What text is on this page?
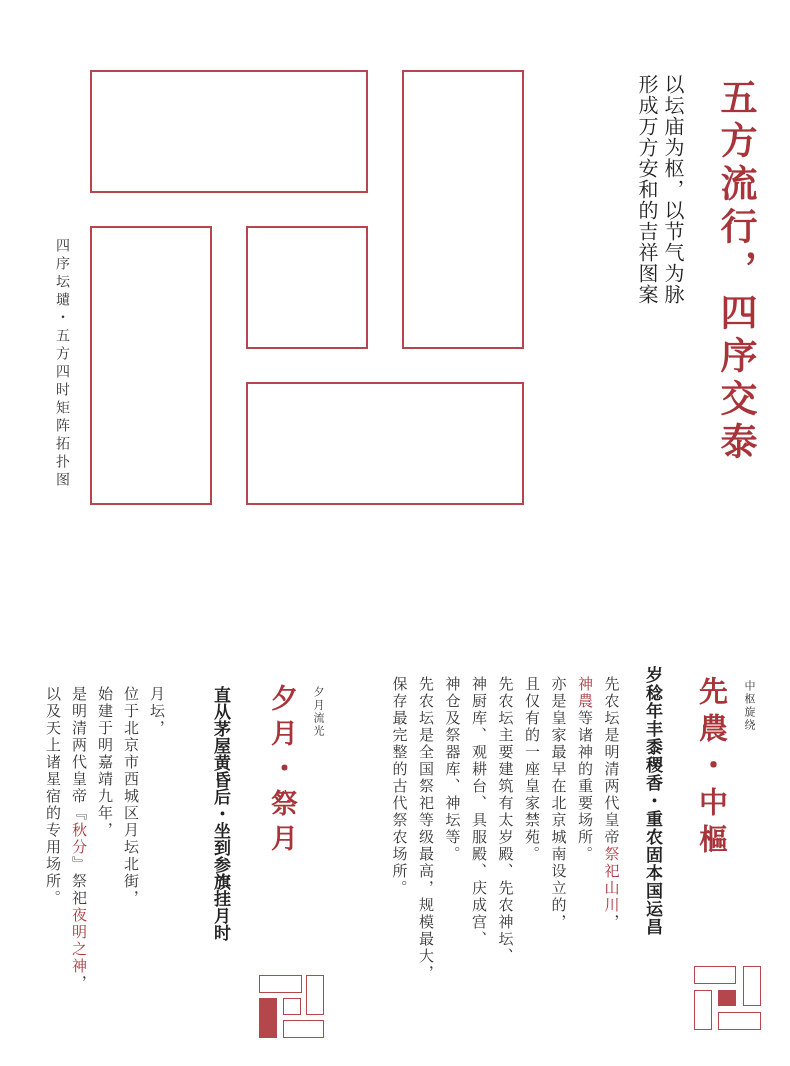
五方流行，四序交泰
以坛庙为枢，以节气为脉
形成万方安和的吉祥图案
四序坛壝・五方四时矩阵拓扑图
中枢旋绕
先農・中樞
岁稔年丰黍稷香・重农固本国运昌
先农坛是明清两代皇帝祭祀山川，
神農等诸神的重要场所。
亦是皇家最早在北京城南设立的，
且仅有的一座皇家禁苑。
先农坛主要建筑有太岁殿、先农神坛、
神厨库、观耕台、具服殿、庆成宫、
神仓及祭器库、神坛等。
先农坛是全国祭祀等级最高，规模最大，
保存最完整的古代祭农场所。
夕月流光
夕月・祭月
直从茅屋黄昏后・坐到参旗挂月时
月坛，
位于北京市西城区月坛北街，
始建于明嘉靖九年，
是明清两代皇帝『秋分』祭祀夜明之神，
以及天上诸星宿的专用场所。
